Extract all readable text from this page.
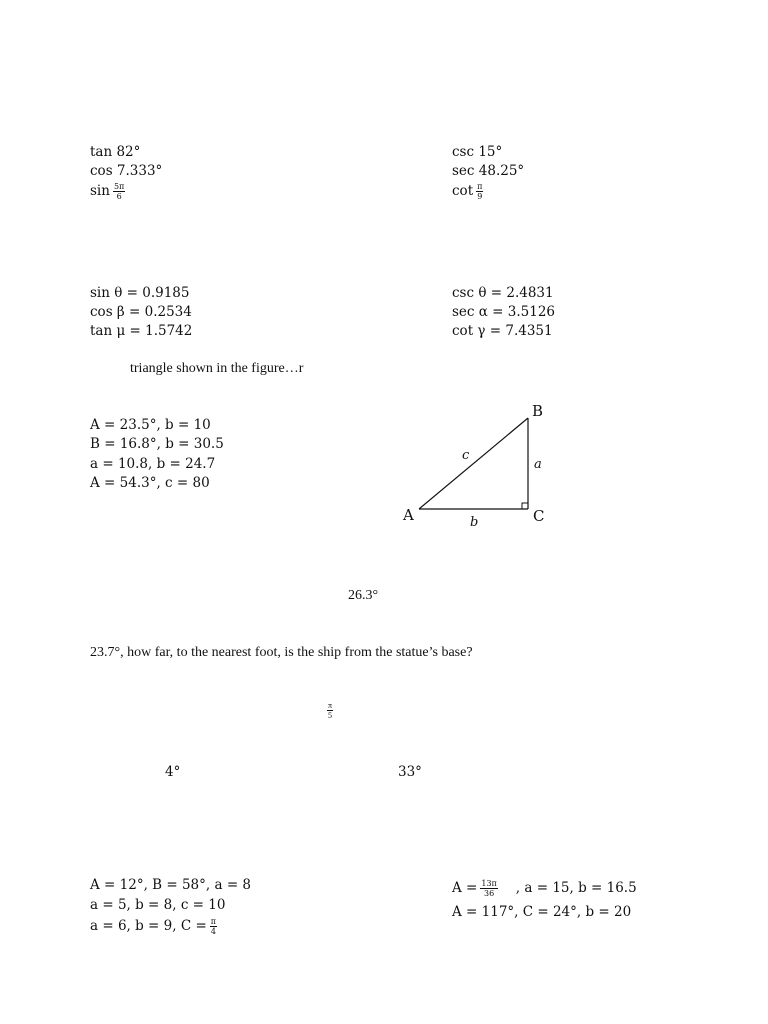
tan 82°
cos 7.333°
$\sin \frac{5\pi}{6}$
csc 15°
sec 48.25°
$\cot \frac{\pi}{9}$
sin θ = 0.9185
cos β = 0.2534
tan μ = 1.5742
csc θ = 2.4831
sec α = 3.5126
cot γ = 7.4351
triangle shown in the figure…r
A = 23.5°, b = 10
B = 16.8°, b = 30.5
a = 10.8, b = 24.7
A = 54.3°, c = 80
A
B
C
a
b
c
26.3°
23.7°, how far, to the nearest foot, is the ship from the statue’s base?
$\frac{\pi}{5}$
4°	33°
A = 12°, B = 58°, a = 8
a = 5, b = 8, c = 10
a = 6, b = 9, $C = \frac{\pi}{4}$
$A = \frac{13\pi}{36}$ , a = 15, b = 16.5
A = 117°, C = 24°, b = 20
